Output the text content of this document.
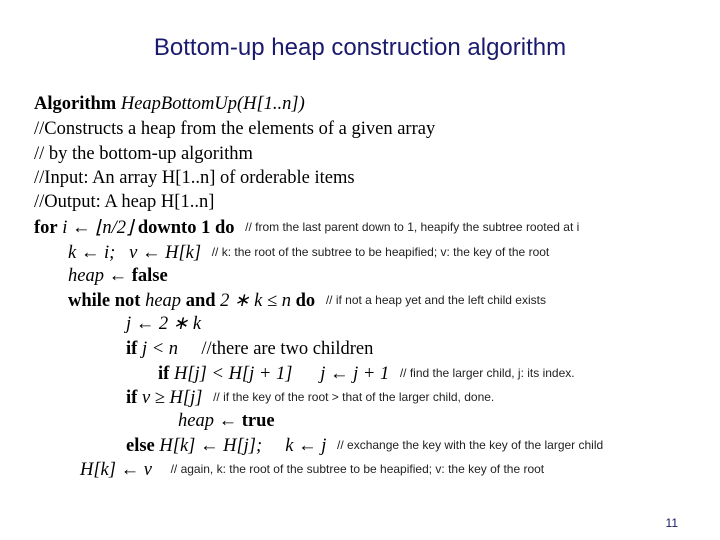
Bottom-up heap construction algorithm
Algorithm HeapBottomUp(H[1..n])
//Constructs a heap from the elements of a given array
// by the bottom-up algorithm
//Input: An array H[1..n] of orderable items
//Output: A heap H[1..n]
for i ← ⌊n/2⌋ downto 1 do // from the last parent down to 1, heapify the subtree rooted at i
k ← i;   v ← H[k] // k: the root of the subtree to be heapified; v: the key of the root
heap ← false
while not heap and 2 ∗ k ≤ n do // if not a heap yet and the left child exists
j ← 2 ∗ k
if j < n  //there are two children
if H[j] < H[j + 1]      j ← j + 1 // find the larger child, j: its index.
if v ≥ H[j] // if the key of the root > that of the larger child, done.
heap ← true
else H[k] ← H[j];     k ← j // exchange the key with the key of the larger child
H[k] ← v // again, k: the root of the subtree to be heapified; v: the key of the root
11
